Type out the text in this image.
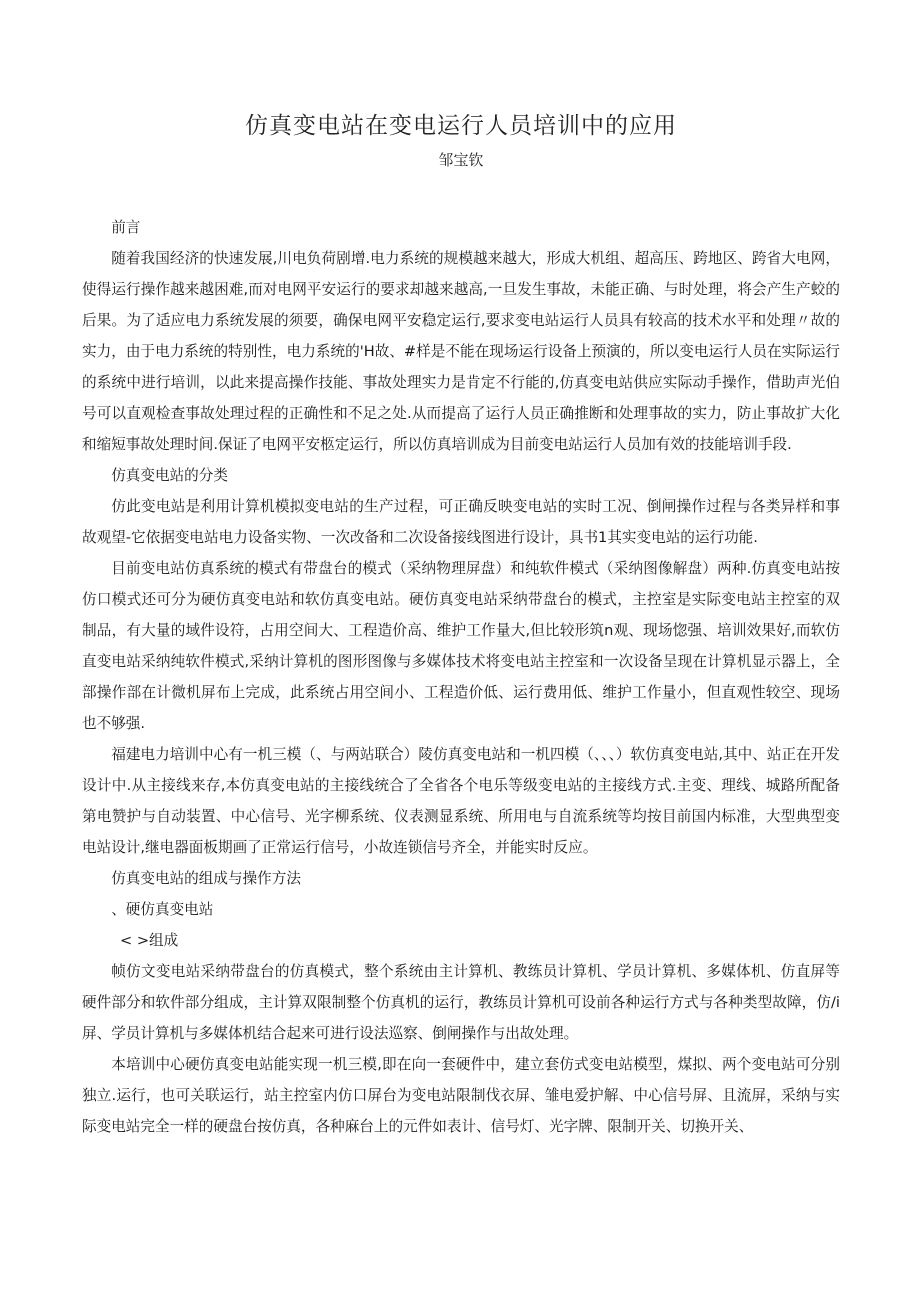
仿真变电站在变电运行人员培训中的应用
邹宝钦

前言

随着我国经济的快速发展,川电负荷剧增.电力系统的规模越来越大，形成大机组、超高压、跨地区、跨省大电网，使得运行操作越来越困难,而对电网平安运行的要求却越来越高,一旦发生事故，未能正确、与时处理，将会产生产蛟的后果。为了适应电力系统发展的须要，确保电网平安稳定运行,要求变电站运行人员具有较高的技术水平和处理〃故的实力，由于电力系统的特别性，电力系统的'H故、#样是不能在现场运行设备上预演的，所以变电运行人员在实际运行的系统中进行培训，以此来提高操作技能、事故处理实力是肯定不行能的,仿真变电站供应实际动手操作，借助声光伯号可以直观检查事故处理过程的正确性和不足之处.从而提高了运行人员正确推断和处理事故的实力，防止事故扩大化和缩短事故处理时间.保证了电网平安柩定运行，所以仿真培训成为目前变电站运行人员加有效的技能培训手段.

仿真变电站的分类

仿此变电站是利用计算机模拟变电站的生产过程，可正确反映变电站的实时工况、倒闸操作过程与各类异样和事故观望-它依据变电站电力设备实物、一次改备和二次设备接线图进行设计，具书1其实变电站的运行功能.

目前变电站仿真系统的模式有带盘台的模式（采纳物理屏盘）和纯软件模式（采纳图像解盘）两种.仿真变电站按仿口模式还可分为硬仿真变电站和软仿真变电站。硬仿真变电站采纳带盘台的模式，主控室是实际变电站主控室的双制品，有大量的域件设符，占用空间大、工程造价高、维护工作量大,但比较形筑n观、现场惚强、培训效果好,而软仿直变电站采纳纯软件模式,采纳计算机的图形图像与多媒体技术将变电站主控室和一次设备呈现在计算机显示器上，全部操作部在计微机屏布上完成，此系统占用空间小、工程造价低、运行费用低、维护工作量小，但直观性较空、现场也不够强.

福建电力培训中心有一机三模（、与两站联合）陵仿真变电站和一机四模（、、、）软仿真变电站,其中、站正在开发设计中.从主接线来存,本仿真变电站的主接线统合了全省各个电乐等级变电站的主接线方式.主变、理线、城路所配备第电赞护与自动装置、中心信号、光字柳系统、仪表测显系统、所用电与自流系统等均按目前国内标准，大型典型变电站设计,继电器面板期画了正常运行信号，小故连锁信号齐全，并能实时反应。

仿真变电站的组成与操作方法

、硬仿真变电站

< >组成

帧仿文变电站采纳带盘台的仿真模式，整个系统由主计算机、教练员计算机、学员计算机、多媒体机、仿直屏等硬件部分和软件部分组成，主计算双限制整个仿真机的运行，教练员计算机可设前各种运行方式与各种类型故障，仿/i屏、学员计算机与多媒体机结合起来可进行设法巡察、倒闸操作与出故处理。

本培训中心硬仿真变电站能实现一机三模,即在向一套硬件中，建立套仿式变电站模型，煤拟、两个变电站可分别独立.运行，也可关联运行，站主控室内仿口屏台为变电站限制伐衣屏、雏电爱护解、中心信号屏、且流屏，采纳与实际变电站完全一样的硬盘台按仿真，各种麻台上的元件如表计、信号灯、光字牌、限制开关、切换开关、
